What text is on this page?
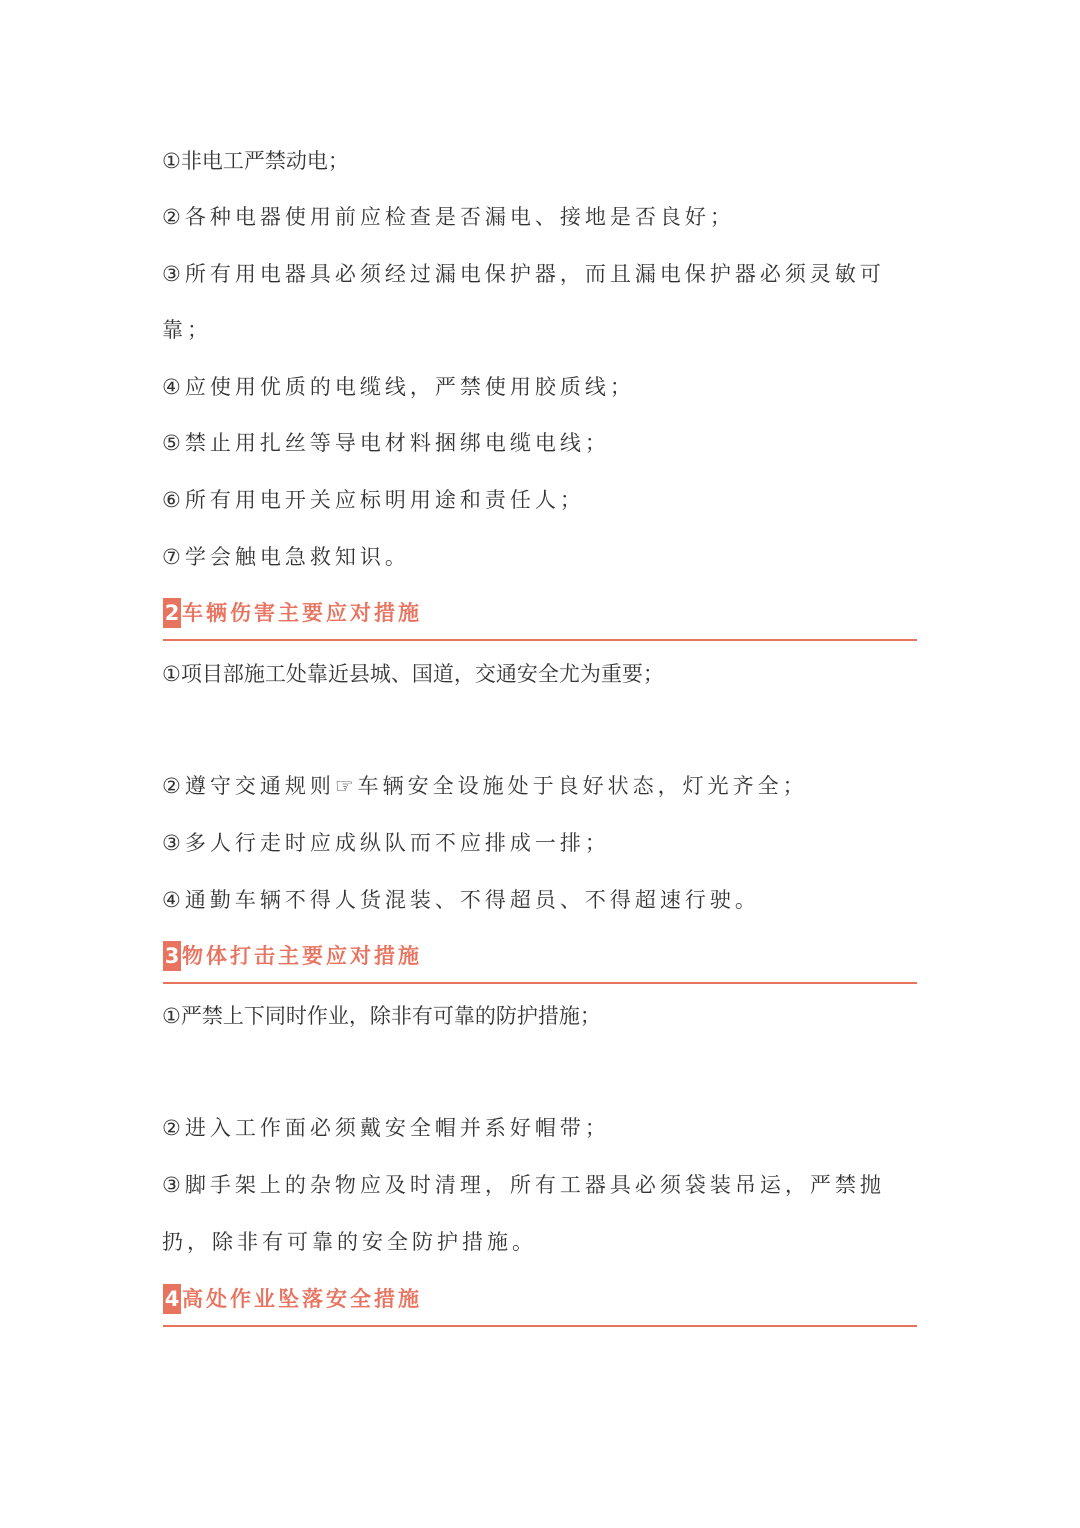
①非电工严禁动电；
②各种电器使用前应检查是否漏电、接地是否良好；
③所有用电器具必须经过漏电保护器，而且漏电保护器必须灵敏可
靠；
④应使用优质的电缆线，严禁使用胶质线；
⑤禁止用扎丝等导电材料捆绑电缆电线；
⑥所有用电开关应标明用途和责任人；
⑦学会触电急救知识。
2 车辆伤害主要应对措施
①项目部施工处靠近县城、国道，交通安全尤为重要；
②遵守交通规则☞车辆安全设施处于良好状态，灯光齐全；
③多人行走时应成纵队而不应排成一排；
④通勤车辆不得人货混装、不得超员、不得超速行驶。
3 物体打击主要应对措施
①严禁上下同时作业，除非有可靠的防护措施；
②进入工作面必须戴安全帽并系好帽带；
③脚手架上的杂物应及时清理，所有工器具必须袋装吊运，严禁抛
扔，除非有可靠的安全防护措施。
4 高处作业坠落安全措施
